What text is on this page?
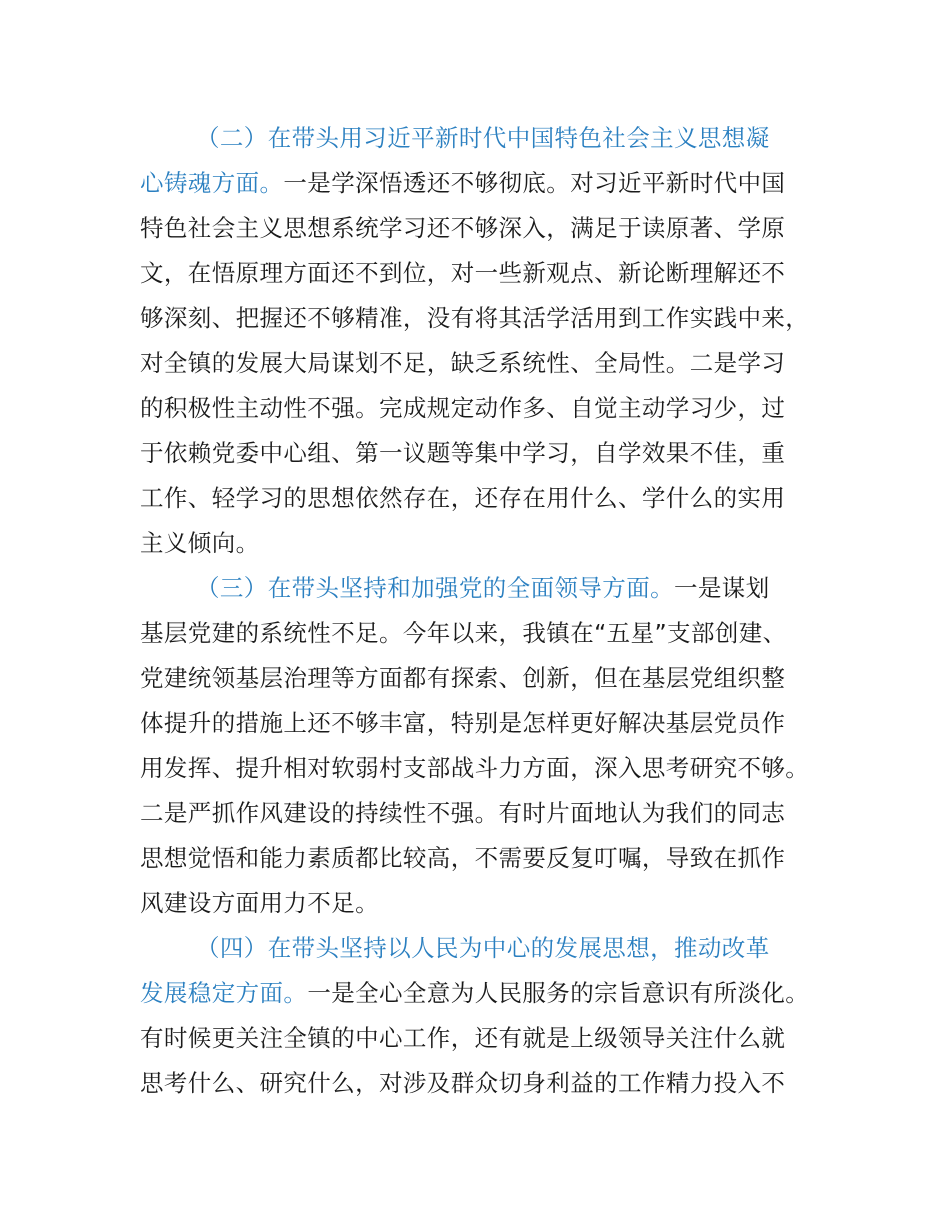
（二）在带头用习近平新时代中国特色社会主义思想凝
心铸魂方面。一是学深悟透还不够彻底。对习近平新时代中国
特色社会主义思想系统学习还不够深入，满足于读原著、学原
文，在悟原理方面还不到位，对一些新观点、新论断理解还不
够深刻、把握还不够精准，没有将其活学活用到工作实践中来，
对全镇的发展大局谋划不足，缺乏系统性、全局性。二是学习
的积极性主动性不强。完成规定动作多、自觉主动学习少，过
于依赖党委中心组、第一议题等集中学习，自学效果不佳，重
工作、轻学习的思想依然存在，还存在用什么、学什么的实用
主义倾向。
（三）在带头坚持和加强党的全面领导方面。一是谋划
基层党建的系统性不足。今年以来，我镇在“五星”支部创建、
党建统领基层治理等方面都有探索、创新，但在基层党组织整
体提升的措施上还不够丰富，特别是怎样更好解决基层党员作
用发挥、提升相对软弱村支部战斗力方面，深入思考研究不够。
二是严抓作风建设的持续性不强。有时片面地认为我们的同志
思想觉悟和能力素质都比较高，不需要反复叮嘱，导致在抓作
风建设方面用力不足。
（四）在带头坚持以人民为中心的发展思想，推动改革
发展稳定方面。一是全心全意为人民服务的宗旨意识有所淡化。
有时候更关注全镇的中心工作，还有就是上级领导关注什么就
思考什么、研究什么，对涉及群众切身利益的工作精力投入不
